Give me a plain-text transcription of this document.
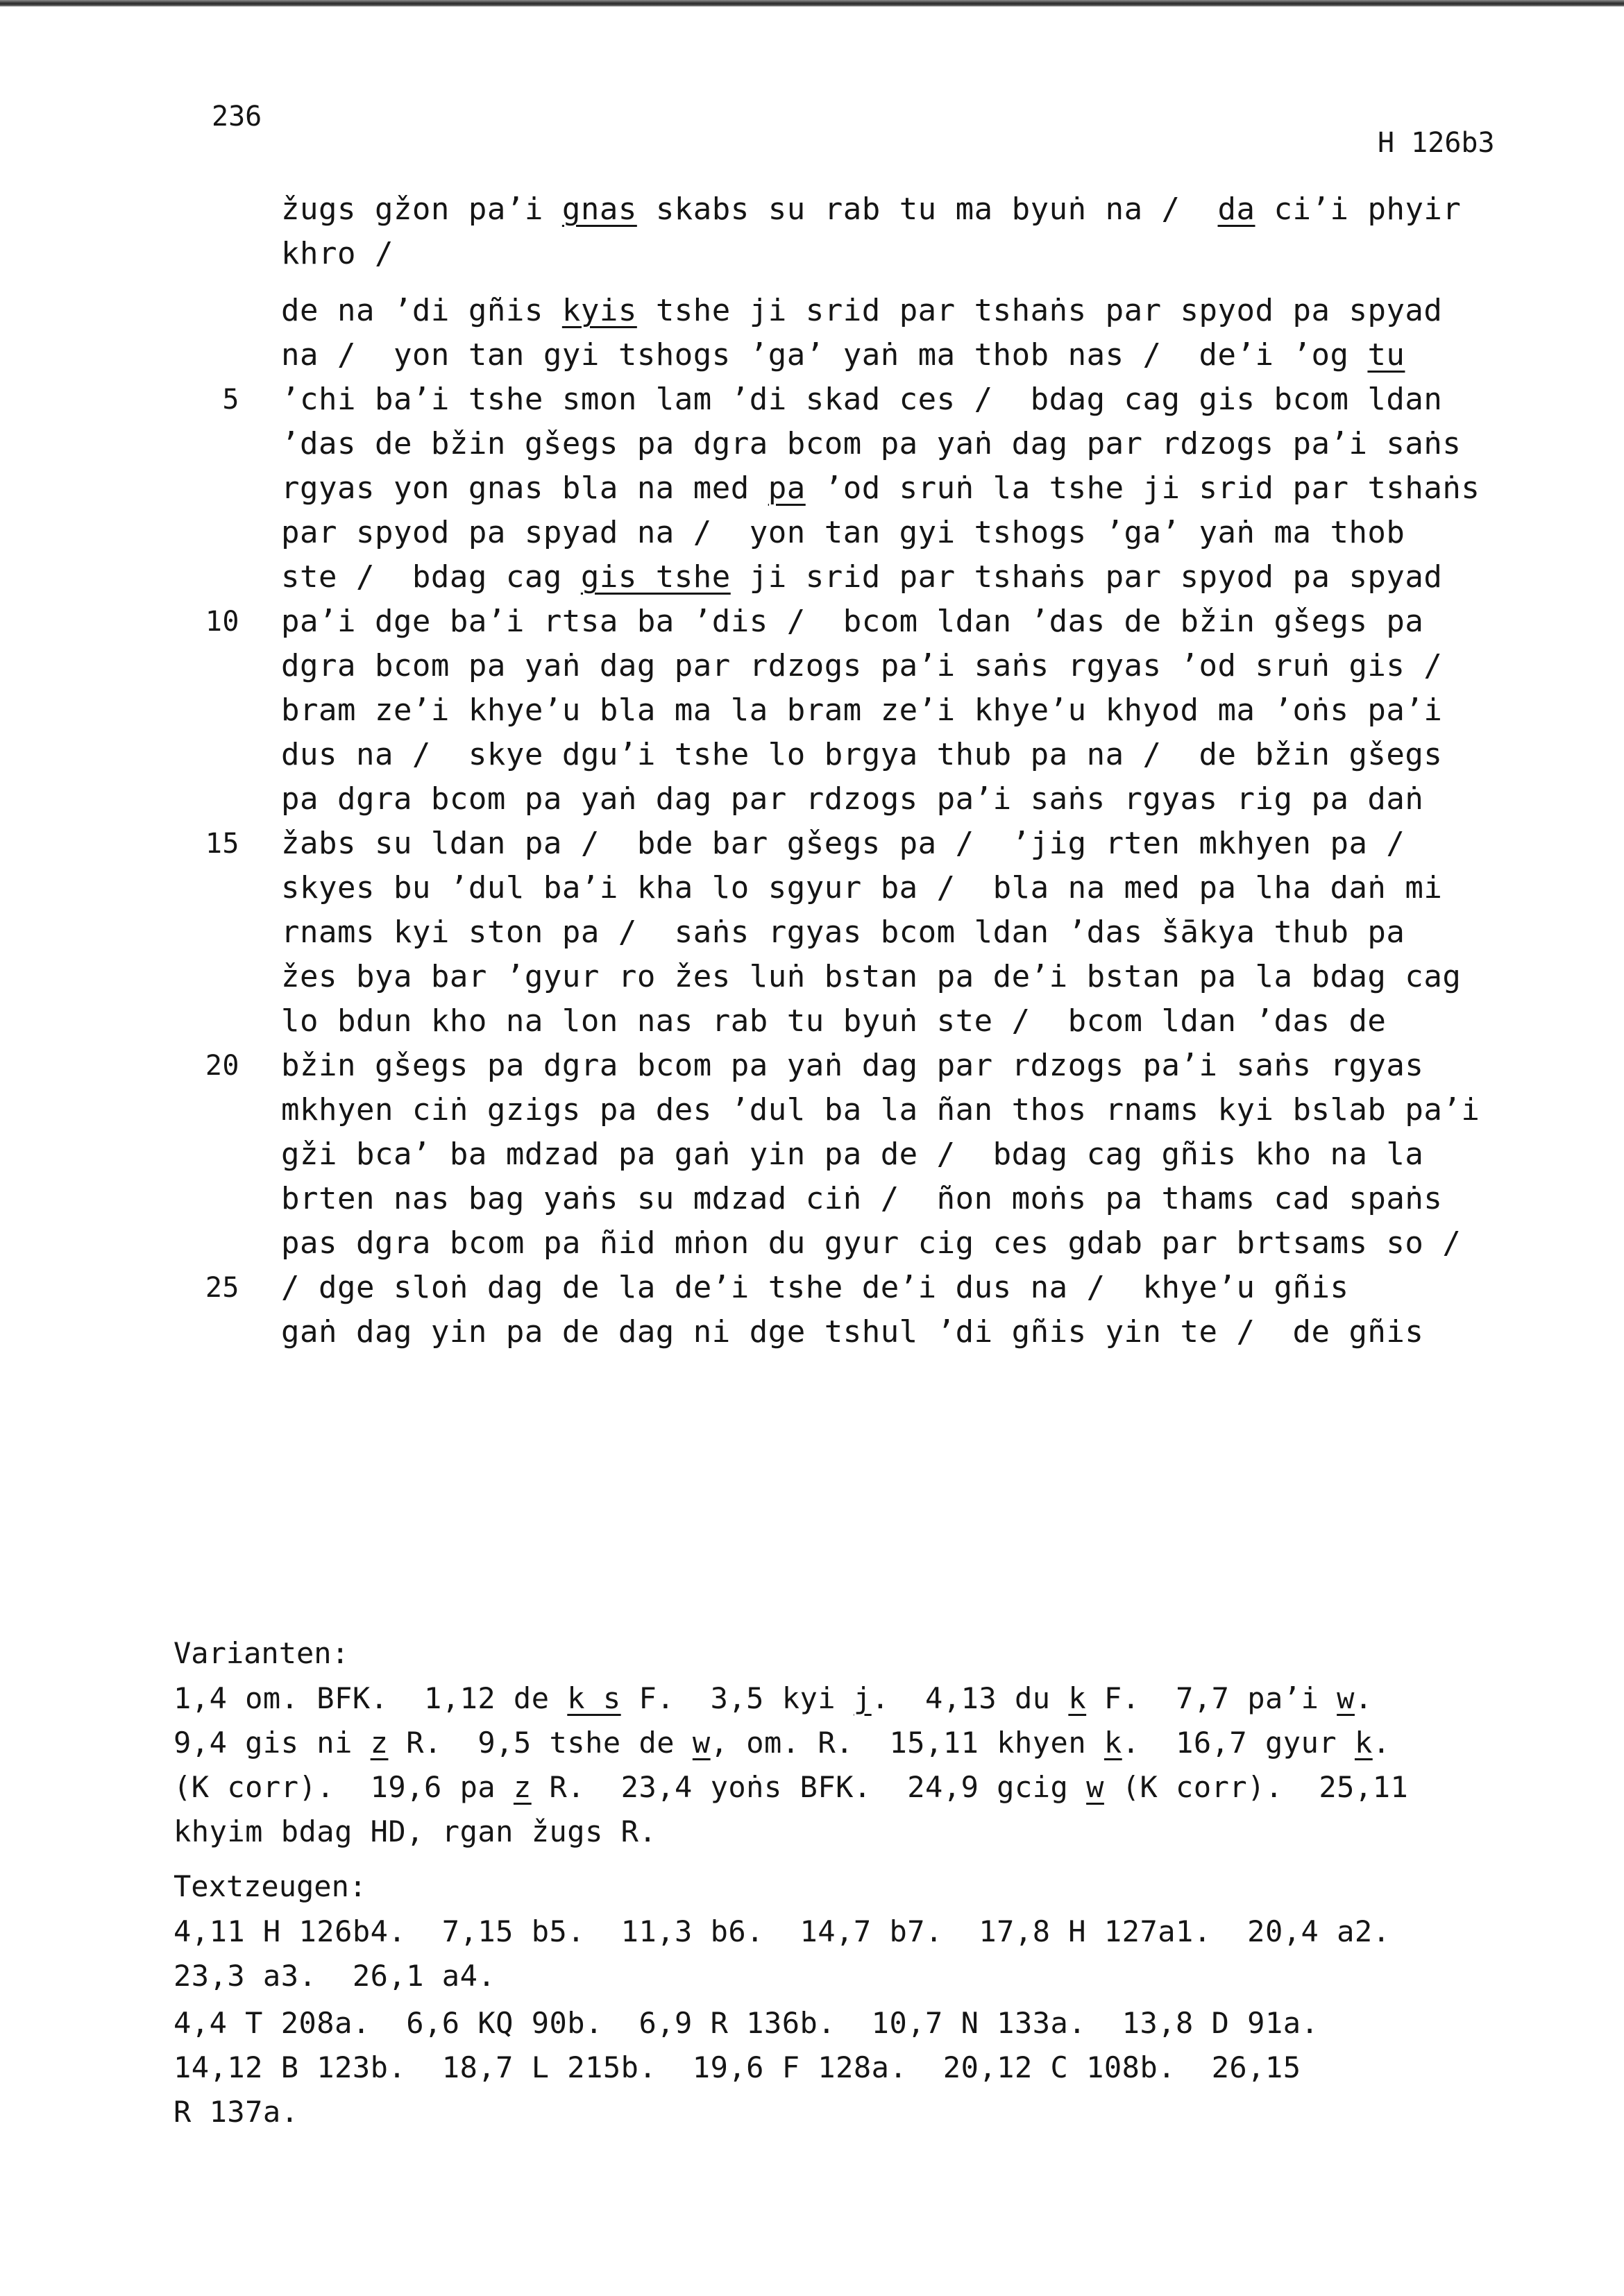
236
H 126b3
žugs gžon pa’i gnas skabs su rab tu ma byuṅ na /  da ci’i phyir
khro /
de na ’di gñis kyis tshe ji srid par tshaṅs par spyod pa spyad
na /  yon tan gyi tshogs ’ga’ yaṅ ma thob nas /  de’i ’og tu
5 ’chi ba’i tshe smon lam ’di skad ces /  bdag cag gis bcom ldan
’das de bžin gšegs pa dgra bcom pa yaṅ dag par rdzogs pa’i saṅs
rgyas yon gnas bla na med pa ’od sruṅ la tshe ji srid par tshaṅs
par spyod pa spyad na /  yon tan gyi tshogs ’ga’ yaṅ ma thob
ste /  bdag cag gis tshe ji srid par tshaṅs par spyod pa spyad
10 pa’i dge ba’i rtsa ba ’dis /  bcom ldan ’das de bžin gšegs pa
dgra bcom pa yaṅ dag par rdzogs pa’i saṅs rgyas ’od sruṅ gis /
bram ze’i khye’u bla ma la bram ze’i khye’u khyod ma ’oṅs pa’i
dus na /  skye dgu’i tshe lo brgya thub pa na /  de bžin gšegs
pa dgra bcom pa yaṅ dag par rdzogs pa’i saṅs rgyas rig pa daṅ
15 žabs su ldan pa /  bde bar gšegs pa /  ’jig rten mkhyen pa /
skyes bu ’dul ba’i kha lo sgyur ba /  bla na med pa lha daṅ mi
rnams kyi ston pa /  saṅs rgyas bcom ldan ’das šākya thub pa
žes bya bar ’gyur ro žes luṅ bstan pa de’i bstan pa la bdag cag
lo bdun kho na lon nas rab tu byuṅ ste /  bcom ldan ’das de
20 bžin gšegs pa dgra bcom pa yaṅ dag par rdzogs pa’i saṅs rgyas
mkhyen ciṅ gzigs pa des ’dul ba la ñan thos rnams kyi bslab pa’i
gži bca’ ba mdzad pa gaṅ yin pa de /  bdag cag gñis kho na la
brten nas bag yaṅs su mdzad ciṅ /  ñon moṅs pa thams cad spaṅs
pas dgra bcom pa ñid mṅon du gyur cig ces gdab par brtsams so /
25 / dge sloṅ dag de la de’i tshe de’i dus na /  khye’u gñis
gaṅ dag yin pa de dag ni dge tshul ’di gñis yin te /  de gñis
Varianten:
1,4 om. BFK.  1,12 de k s F.  3,5 kyi j.  4,13 du k F.  7,7 pa’i w.
9,4 gis ni z R.  9,5 tshe de w, om. R.  15,11 khyen k.  16,7 gyur k.
(K corr).  19,6 pa z R.  23,4 yoṅs BFK.  24,9 gcig w (K corr).  25,11
khyim bdag HD, rgan žugs R.
Textzeugen:
4,11 H 126b4.  7,15 b5.  11,3 b6.  14,7 b7.  17,8 H 127a1.  20,4 a2.
23,3 a3.  26,1 a4.
4,4 T 208a.  6,6 KQ 90b.  6,9 R 136b.  10,7 N 133a.  13,8 D 91a.
14,12 B 123b.  18,7 L 215b.  19,6 F 128a.  20,12 C 108b.  26,15
R 137a.
